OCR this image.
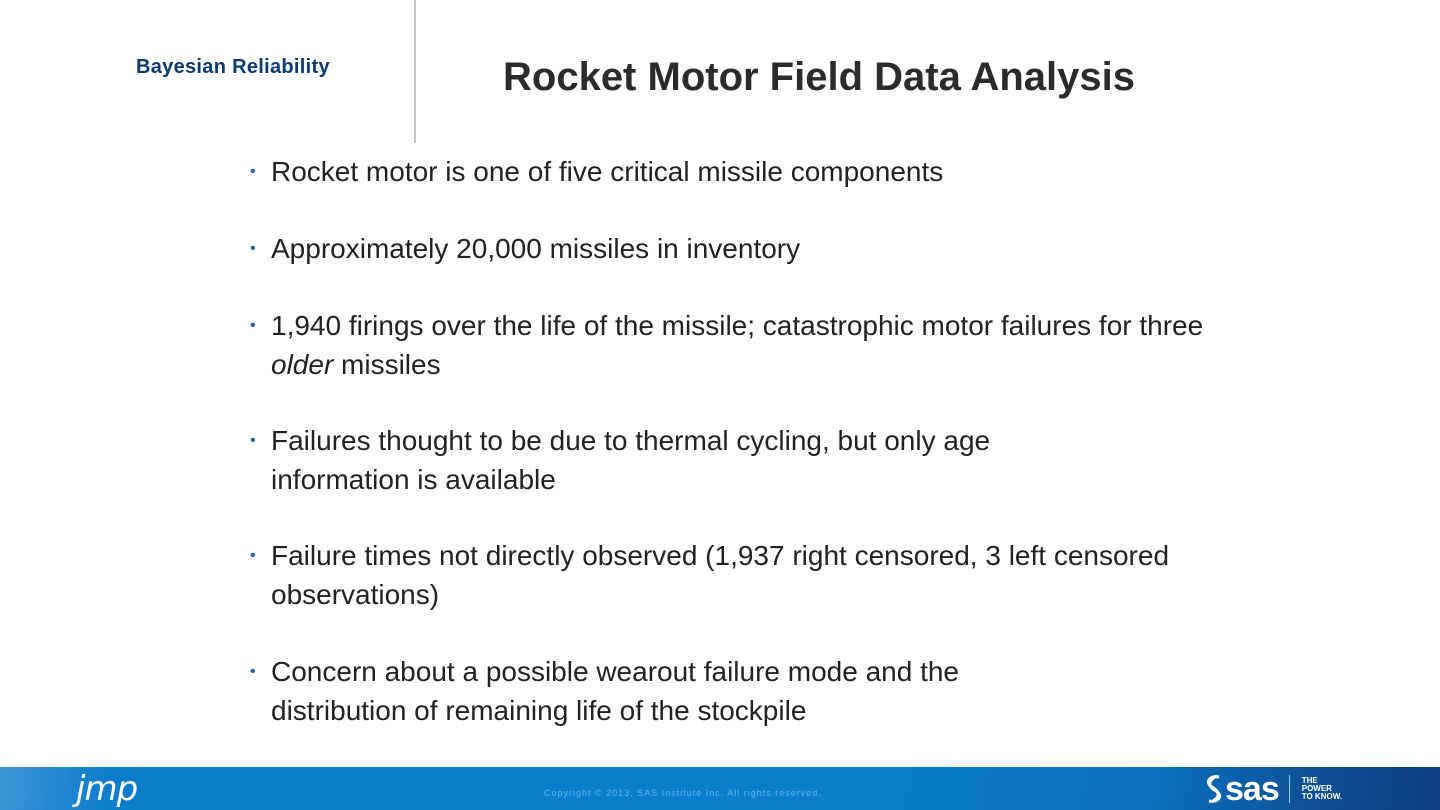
Bayesian Reliability	Rocket Motor Field Data Analysis
• Rocket motor is one of five critical missile components
• Approximately 20,000 missiles in inventory
• 1,940 firings over the life of the missile; catastrophic motor failures for three older missiles
• Failures thought to be due to thermal cycling, but only age information is available
• Failure times not directly observed (1,937 right censored, 3 left censored observations)
• Concern about a possible wearout failure mode and the distribution of remaining life of the stockpile
jmp	Copyright © 2013, SAS Institute Inc. All rights reserved.	sas	THE
POWER
TO KNOW.
